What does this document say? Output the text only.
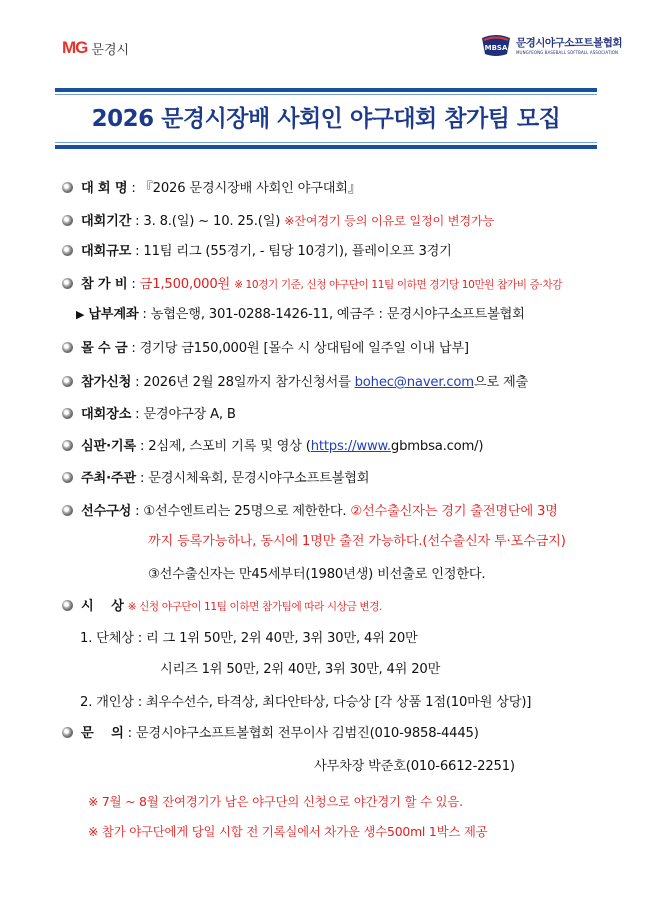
MG 문경시	MBSA 문경시야구소프트볼협회
MUNGYEONG BASEBALL SOFTBALL ASSOCIATION
2026 문경시장배 사회인 야구대회 참가팀 모집
대 회 명 : 『2026 문경시장배 사회인 야구대회』
대회기간 : 3. 8.(일) ~ 10. 25.(일) ※잔여경기 등의 이유로 일정이 변경가능
대회규모 : 11팀 리그 (55경기, - 팀당 10경기), 플레이오프 3경기
참 가 비 : 금1,500,000원 ※ 10경기 기준, 신청 야구단이 11팀 이하면 경기당 10만원 참가비 증·차감
▶ 납부계좌 : 농협은행, 301-0288-1426-11, 예금주 : 문경시야구소프트볼협회
몰 수 금 : 경기당 금150,000원 [몰수 시 상대팀에 일주일 이내 납부]
참가신청 : 2026년 2월 28일까지 참가신청서를 bohec@naver.com으로 제출
대회장소 : 문경야구장 A, B
심판·기록 : 2심제, 스포비 기록 및 영상 (https://www.gbmbsa.com/)
주최·주관 : 문경시체육회, 문경시야구소프트볼협회
선수구성 : ①선수엔트리는 25명으로 제한한다. ②선수출신자는 경기 출전명단에 3명
까지 등록가능하나, 동시에 1명만 출전 가능하다.(선수출신자 투·포수금지)
③선수출신자는 만45세부터(1980년생) 비선출로 인정한다.
시    상 ※ 신청 야구단이 11팀 이하면 참가팀에 따라 시상금 변경.
1. 단체상 : 리 그 1위 50만, 2위 40만, 3위 30만, 4위 20만
시리즈 1위 50만, 2위 40만, 3위 30만, 4위 20만
2. 개인상 : 최우수선수, 타격상, 최다안타상, 다승상 [각 상품 1점(10마원 상당)]
문    의 : 문경시야구소프트볼협회 전무이사 김범진(010-9858-4445)
사무차장 박준호(010-6612-2251)
※ 7월 ~ 8월 잔여경기가 남은 야구단의 신청으로 야간경기 할 수 있음.
※ 참가 야구단에게 당일 시합 전 기록실에서 차가운 생수500ml 1박스 제공
